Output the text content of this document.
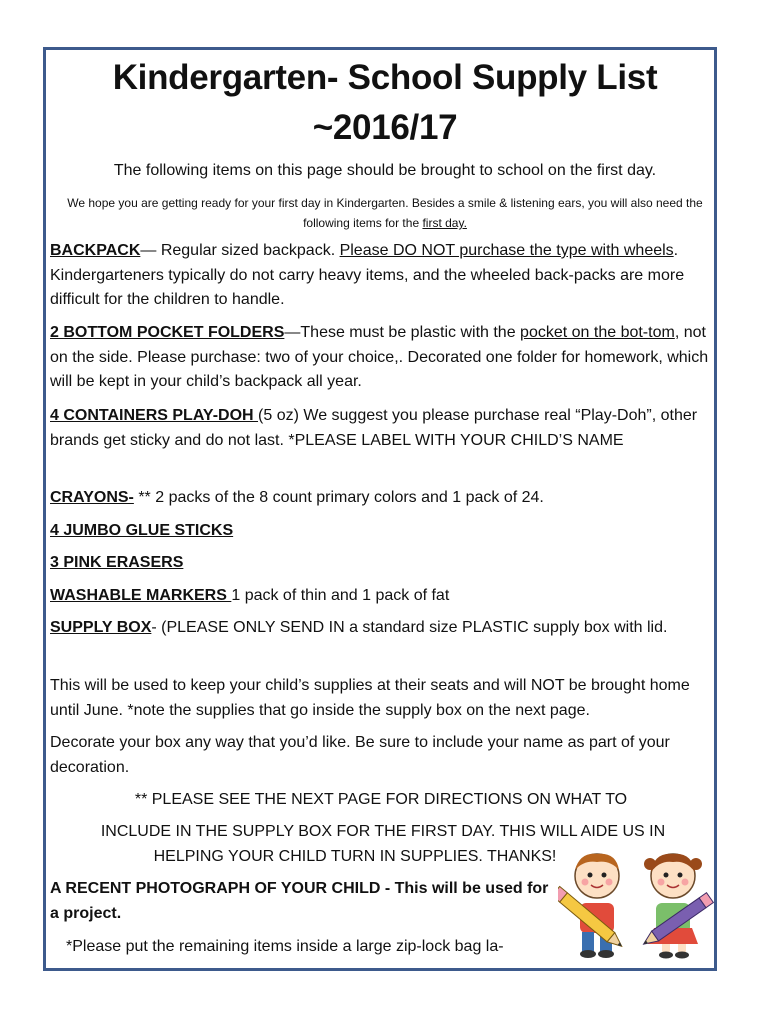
Kindergarten- School Supply List
~2016/17
The following items on this page should be brought to school on the first day.
We hope you are getting ready for your first day in Kindergarten. Besides a smile & listening ears, you will also need the following items for the first day.
BACKPACK— Regular sized backpack. Please DO NOT purchase the type with wheels. Kindergarteners typically do not carry heavy items, and the wheeled back-packs are more difficult for the children to handle.
2 BOTTOM POCKET FOLDERS—These must be plastic with the pocket on the bot-tom, not on the side. Please purchase: two of your choice,. Decorated one folder for homework, which will be kept in your child’s backpack all year.
4 CONTAINERS PLAY-DOH (5 oz) We suggest you please purchase real “Play-Doh”, other brands get sticky and do not last. *PLEASE LABEL WITH YOUR CHILD’S NAME
CRAYONS- ** 2 packs of the 8 count primary colors and 1 pack of 24.
4 JUMBO GLUE STICKS
3 PINK ERASERS
WASHABLE MARKERS 1 pack of thin and 1 pack of fat
SUPPLY BOX- (PLEASE ONLY SEND IN a standard size PLASTIC supply box with lid.
This will be used to keep your child’s supplies at their seats and will NOT be brought home until June. *note the supplies that go inside the supply box on the next page.
Decorate your box any way that you’d like. Be sure to include your name as part of your decoration.
** PLEASE SEE THE NEXT PAGE FOR DIRECTIONS ON WHAT TO
INCLUDE IN THE SUPPLY BOX FOR THE FIRST DAY. THIS WILL AIDE US IN
HELPING YOUR CHILD TURN IN SUPPLIES. THANKS!
A RECENT PHOTOGRAPH OF YOUR CHILD - This will be used for a project.
*Please put the remaining items inside a large zip-lock bag la-
